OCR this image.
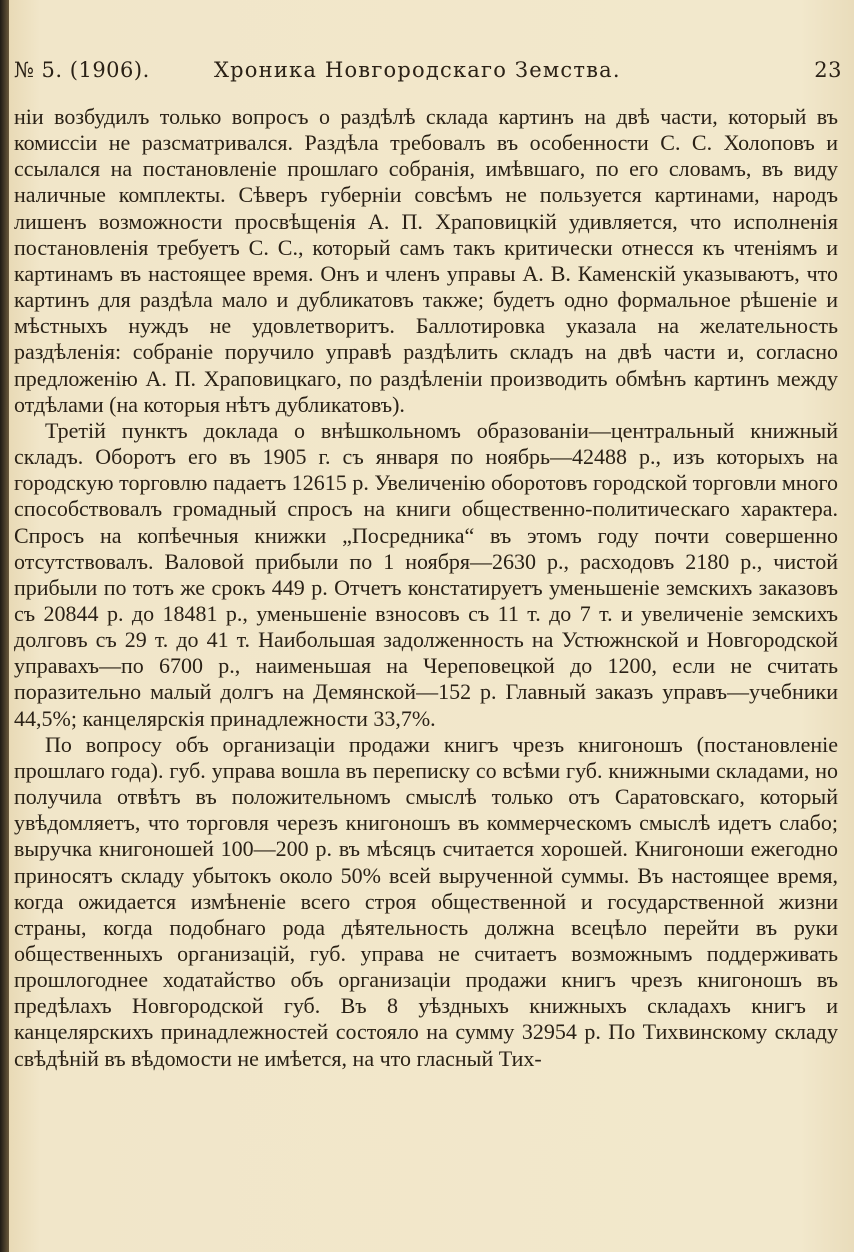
№ 5. (1906).	Хроника Новгородскаго Земства.	23

нiи возбудилъ только вопросъ о раздѣлѣ склада картинъ на двѣ части, который въ комиссiи не разсматривался. Раздѣла требовалъ въ особенности С. С. Холоповъ и ссылался на постановленiе прошлаго собранiя, имѣвшаго, по его словамъ, въ виду наличные комплекты. Сѣверъ губернiи совсѣмъ не пользуется картинами, народъ лишенъ возможности просвѣщенiя А. П. Храповицкiй удивляется, что исполненiя постановленiя требуетъ С. С., который самъ такъ критически отнесся къ чтенiямъ и картинамъ въ настоящее время. Онъ и членъ управы А. В. Каменскiй указываютъ, что картинъ для раздѣла мало и дубликатовъ также; будетъ одно формальное рѣшенiе и мѣстныхъ нуждъ не удовлетворитъ. Баллотировка указала на желательность раздѣленiя: собранiе поручило управѣ раздѣлить складъ на двѣ части и, согласно предложенiю А. П. Храповицкаго, по раздѣленiи производить обмѣнъ картинъ между отдѣлами (на которыя нѣтъ дубликатовъ).

Третiй пунктъ доклада о внѣшкольномъ образованiи—центральный книжный складъ. Оборотъ его въ 1905 г. съ января по ноябрь—42488 р., изъ которыхъ на городскую торговлю падаетъ 12615 р. Увеличенiю оборотовъ городской торговли много способствовалъ громадный спросъ на книги общественно-политическаго характера. Спросъ на копѣечныя книжки „Посредника“ въ этомъ году почти совершенно отсутствовалъ. Валовой прибыли по 1 ноября—2630 р., расходовъ 2180 р., чистой прибыли по тотъ же срокъ 449 р. Отчетъ констатируетъ уменьшенiе земскихъ заказовъ съ 20844 р. до 18481 р., уменьшенiе взносовъ съ 11 т. до 7 т. и увеличенiе земскихъ долговъ съ 29 т. до 41 т. Наибольшая задолженность на Устюжнской и Новгородской управахъ—по 6700 р., наименьшая на Череповецкой до 1200, если не считать поразительно малый долгъ на Демянской—152 р. Главный заказъ управъ—учебники 44,5%; канцелярскiя принадлежности 33,7%.

По вопросу объ организацiи продажи книгъ чрезъ книгоношъ (постановленiе прошлаго года). губ. управа вошла въ переписку со всѣми губ. книжными складами, но получила отвѣтъ въ положительномъ смыслѣ только отъ Саратовскаго, который увѣдомляетъ, что торговля черезъ книгоношъ въ коммерческомъ смыслѣ идетъ слабо; выручка книгоношей 100—200 р. въ мѣсяцъ считается хорошей. Книгоноши ежегодно приносятъ складу убытокъ около 50% всей вырученной суммы. Въ настоящее время, когда ожидается измѣненiе всего строя общественной и государственной жизни страны, когда подобнаго рода дѣятельность должна всецѣло перейти въ руки общественныхъ организацiй, губ. управа не считаетъ возможнымъ поддерживать прошлогоднее ходатайство объ организацiи продажи книгъ чрезъ книгоношъ въ предѣлахъ Новгородской губ. Въ 8 уѣздныхъ книжныхъ складахъ книгъ и канцелярскихъ принадлежностей состояло на сумму 32954 р. По Тихвинскому складу свѣдѣнiй въ вѣдомости не имѣется, на что гласный Тих-
